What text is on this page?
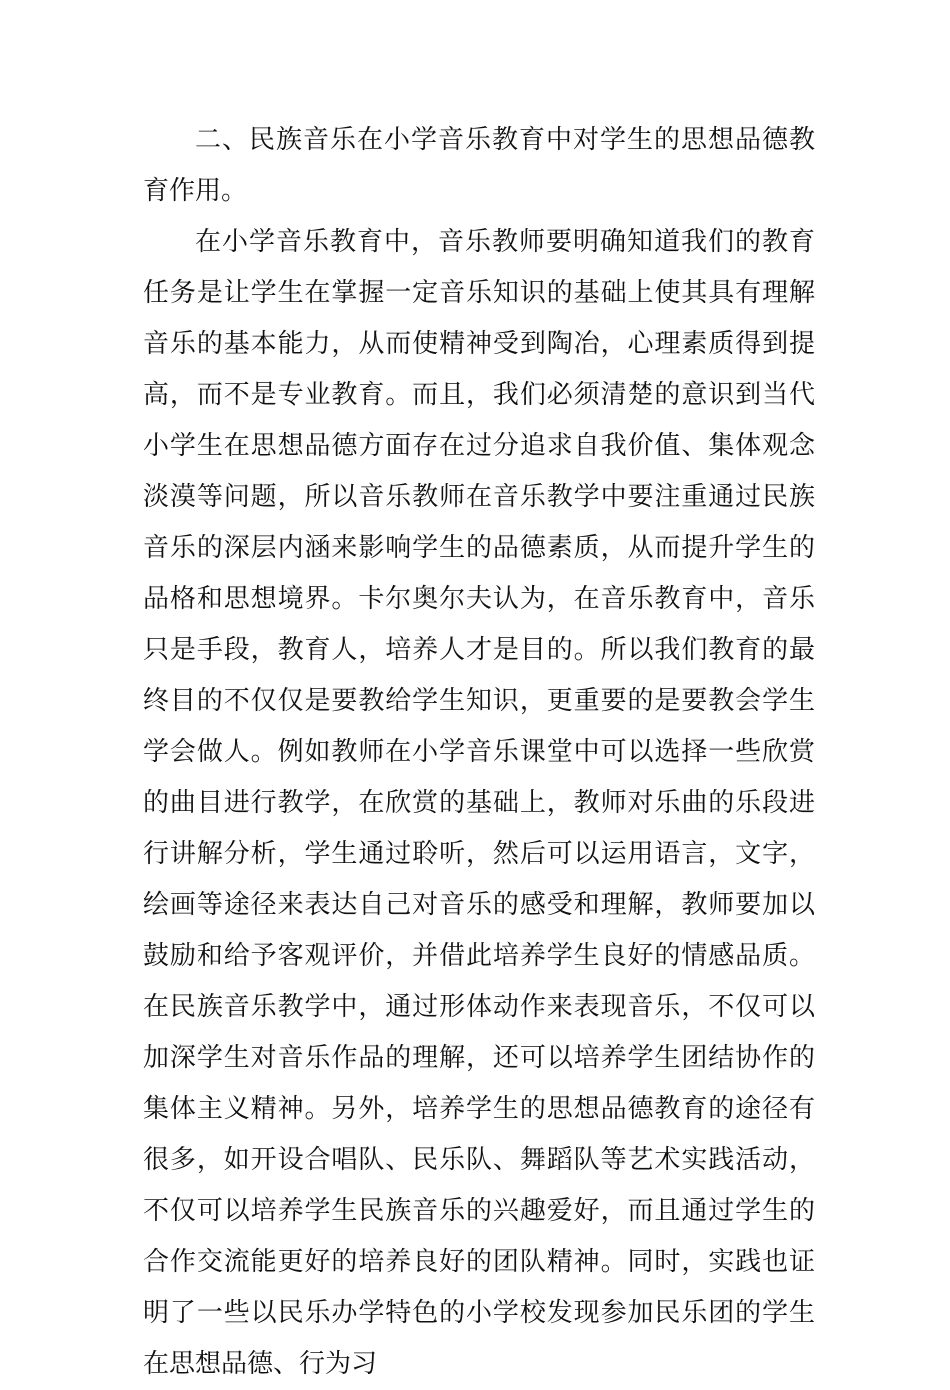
二、民族音乐在小学音乐教育中对学生的思想品德教育作用。

在小学音乐教育中，音乐教师要明确知道我们的教育任务是让学生在掌握一定音乐知识的基础上使其具有理解音乐的基本能力，从而使精神受到陶冶，心理素质得到提高，而不是专业教育。而且，我们必须清楚的意识到当代小学生在思想品德方面存在过分追求自我价值、集体观念淡漠等问题，所以音乐教师在音乐教学中要注重通过民族音乐的深层内涵来影响学生的品德素质，从而提升学生的品格和思想境界。卡尔奥尔夫认为，在音乐教育中，音乐只是手段，教育人，培养人才是目的。所以我们教育的最终目的不仅仅是要教给学生知识，更重要的是要教会学生学会做人。例如教师在小学音乐课堂中可以选择一些欣赏的曲目进行教学，在欣赏的基础上，教师对乐曲的乐段进行讲解分析，学生通过聆听，然后可以运用语言，文字，绘画等途径来表达自己对音乐的感受和理解，教师要加以鼓励和给予客观评价，并借此培养学生良好的情感品质。在民族音乐教学中，通过形体动作来表现音乐，不仅可以加深学生对音乐作品的理解，还可以培养学生团结协作的集体主义精神。另外，培养学生的思想品德教育的途径有很多，如开设合唱队、民乐队、舞蹈队等艺术实践活动，不仅可以培养学生民族音乐的兴趣爱好，而且通过学生的合作交流能更好的培养良好的团队精神。同时，实践也证明了一些以民乐办学特色的小学校发现参加民乐团的学生在思想品德、行为习
